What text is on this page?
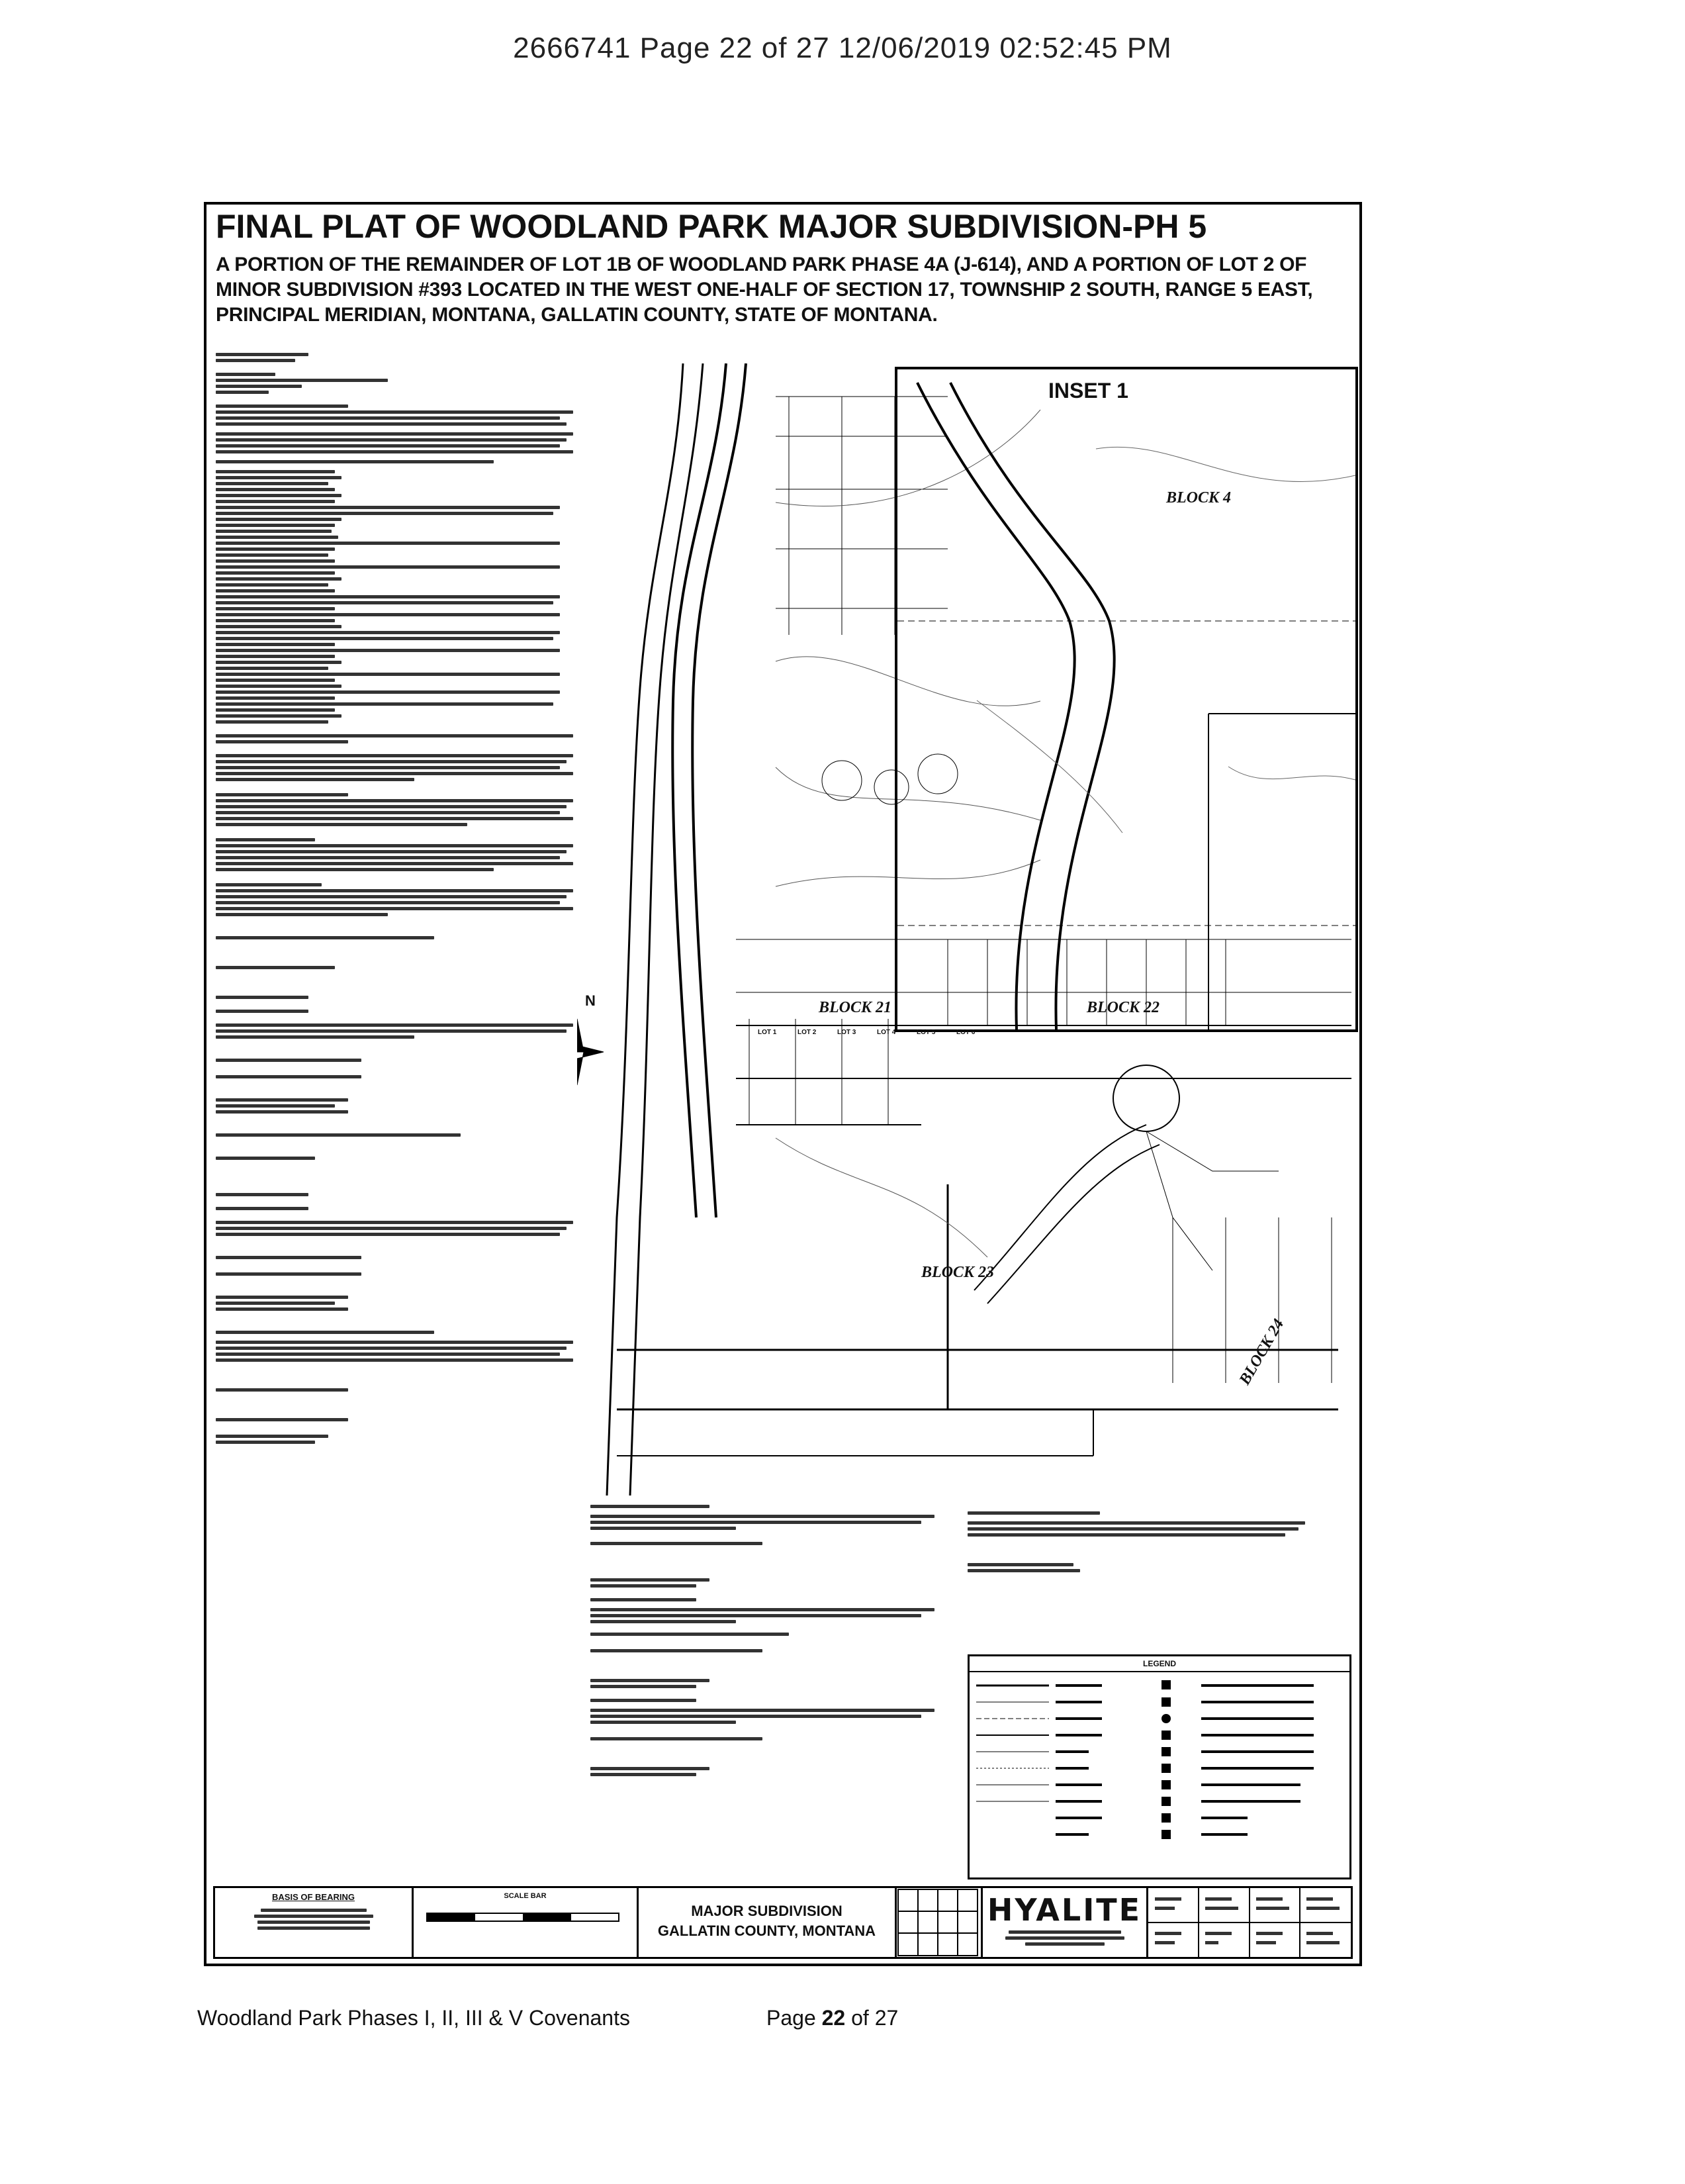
2666741 Page 22 of 27 12/06/2019 02:52:45 PM
FINAL PLAT OF WOODLAND PARK MAJOR SUBDIVISION-PH 5
A PORTION OF THE REMAINDER OF LOT 1B OF WOODLAND PARK PHASE 4A (J-614), AND A PORTION OF LOT 2 OF MINOR SUBDIVISION #393 LOCATED IN THE WEST ONE-HALF OF SECTION 17, TOWNSHIP 2 SOUTH, RANGE 5 EAST, PRINCIPAL MERIDIAN, MONTANA, GALLATIN COUNTY, STATE OF MONTANA.
N
INSET 1
BLOCK 4
BLOCK 21	BLOCK 22
BLOCK 23
BLOCK 24
LOT 1	LOT 2	LOT 3	LOT 4	LOT 5	LOT 6
LEGEND
BASIS OF BEARING	SCALE BAR
MAJOR SUBDIVISION
GALLATIN COUNTY, MONTANA
HYALITE
Woodland Park Phases I, II, III & V Covenants	Page 22 of 27
